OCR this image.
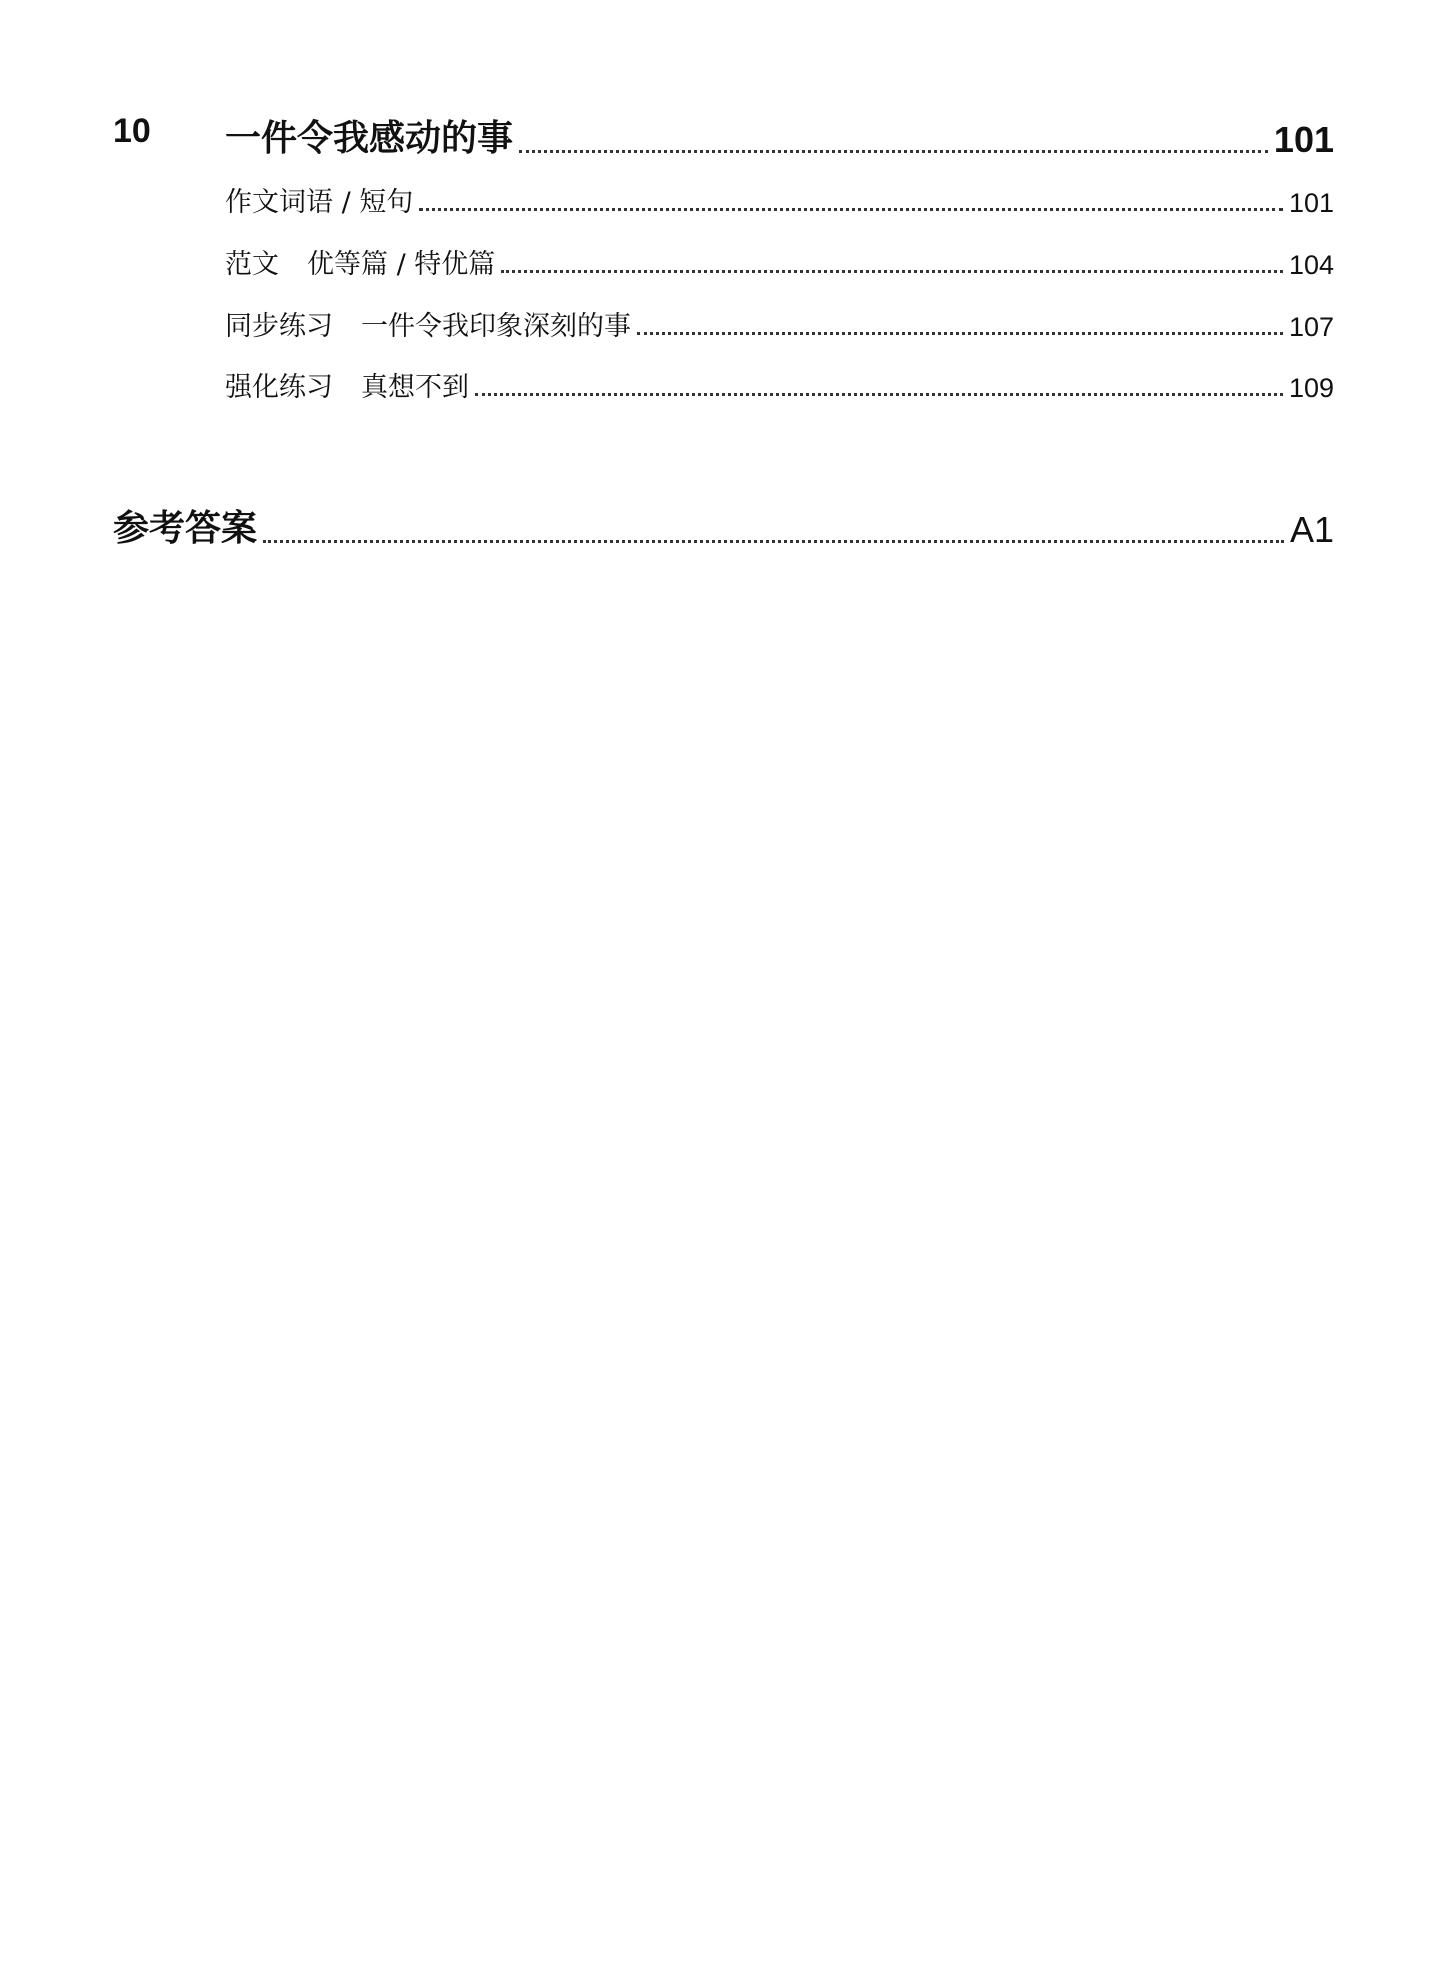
10 一件令我感动的事	101
作文词语 / 短句	101
范文 优等篇 / 特优篇	104
同步练习 一件令我印象深刻的事	107
强化练习 真想不到	109
参考答案	A1
